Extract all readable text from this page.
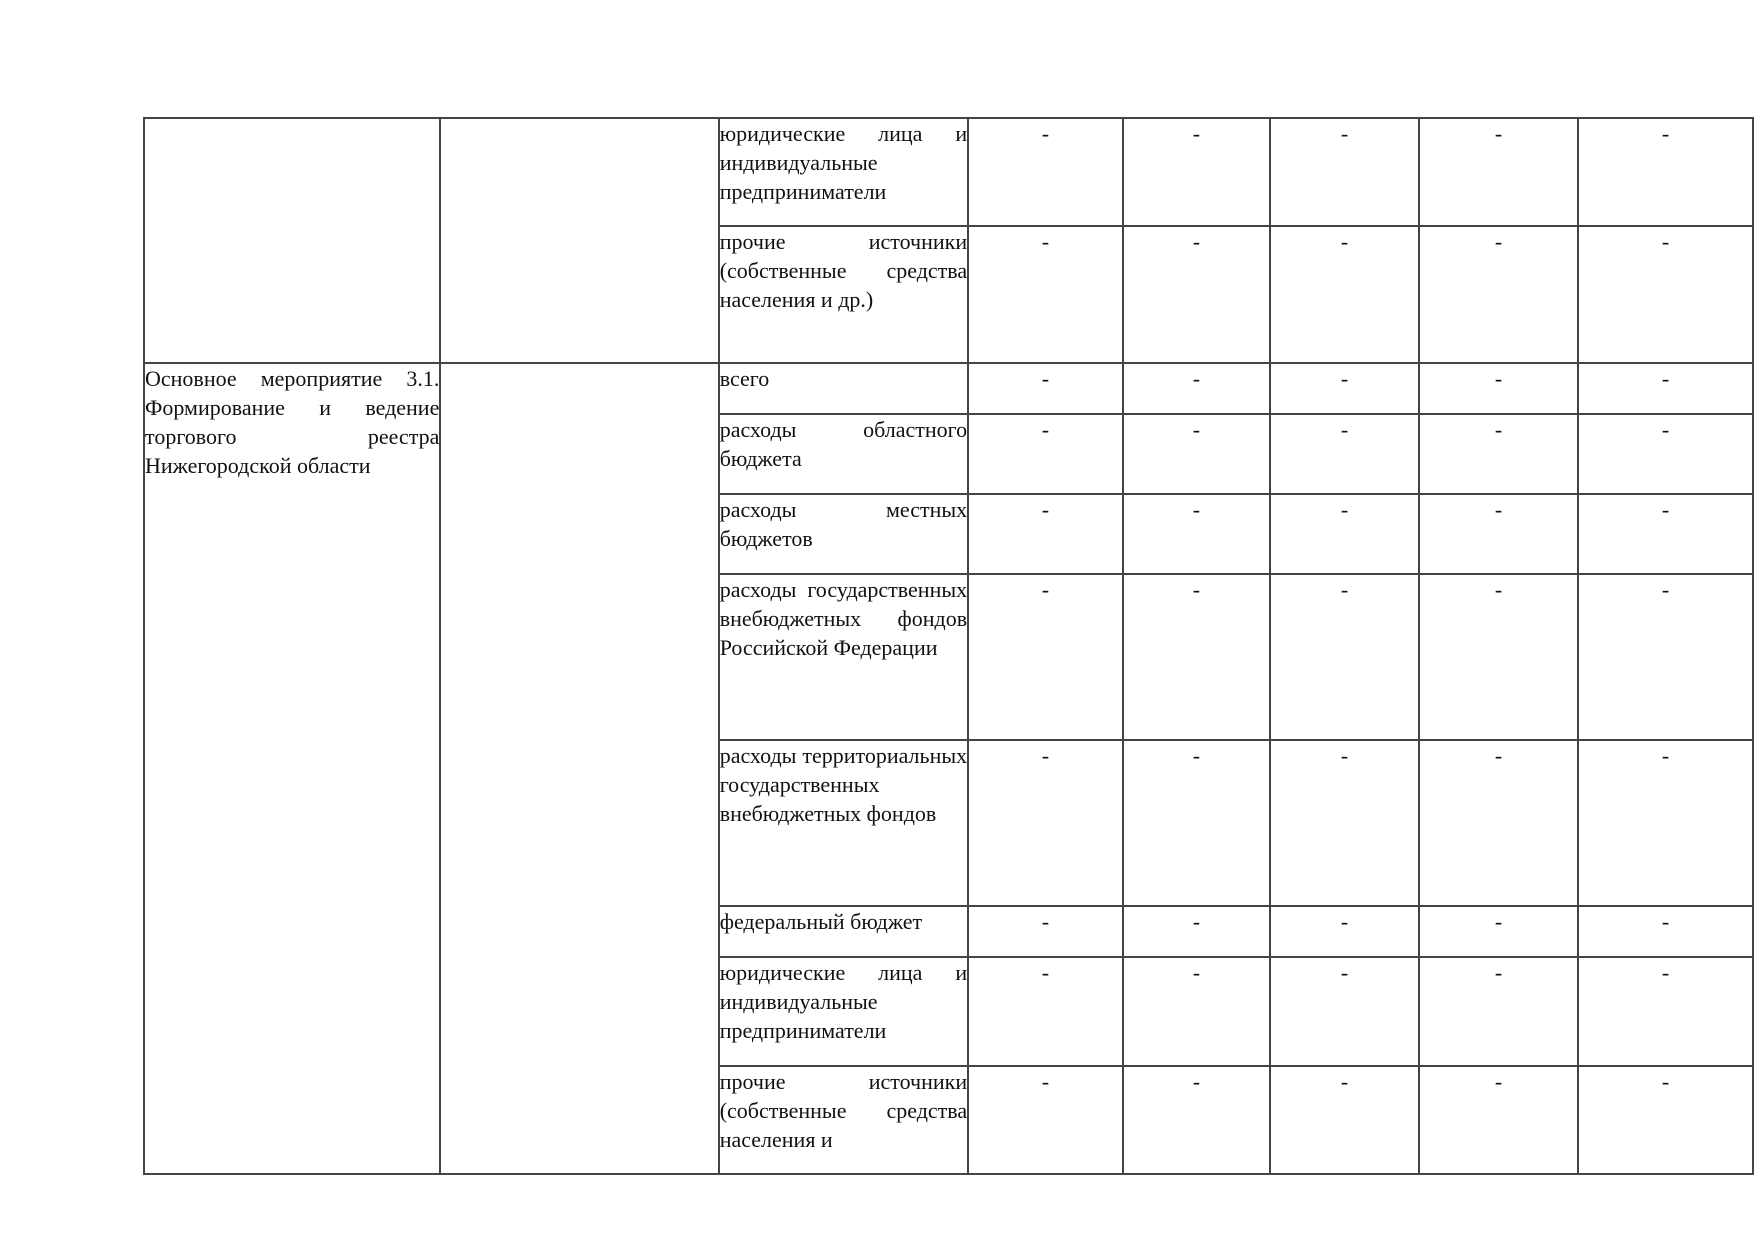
		юридические лица и индивидуальные предприниматели	-	-	-	-	-
		прочие источники (собственные средства населения и др.)	-	-	-	-	-
Основное мероприятие 3.1. Формирование и ведение торгового реестра Нижегородской области		всего	-	-	-	-	-
		расходы областного бюджета	-	-	-	-	-
		расходы местных бюджетов	-	-	-	-	-
		расходы государственных внебюджетных фондов Российской Федерации	-	-	-	-	-
		расходы территориальных государственных внебюджетных фондов	-	-	-	-	-
		федеральный бюджет	-	-	-	-	-
		юридические лица и индивидуальные предприниматели	-	-	-	-	-
		прочие источники (собственные средства населения и	-	-	-	-	-
